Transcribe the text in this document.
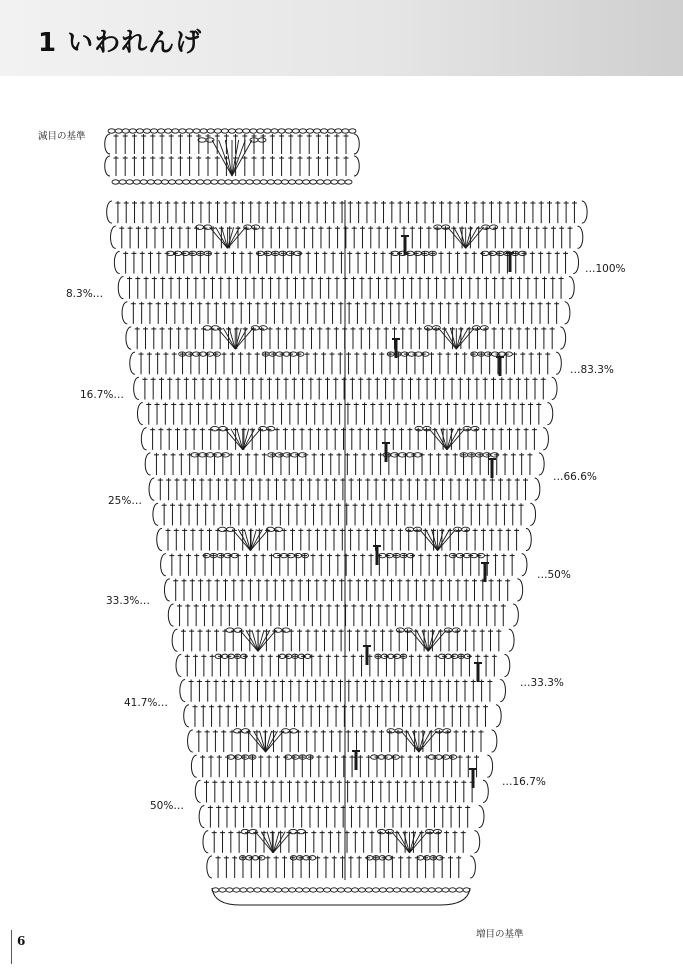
1 いわれんげ
減目の基準
増目の基準
8.3%…
16.7%…
25%…
33.3%…
41.7%…
50%…
…100%
…83.3%
…66.6%
…50%
…33.3%
…16.7%
6
